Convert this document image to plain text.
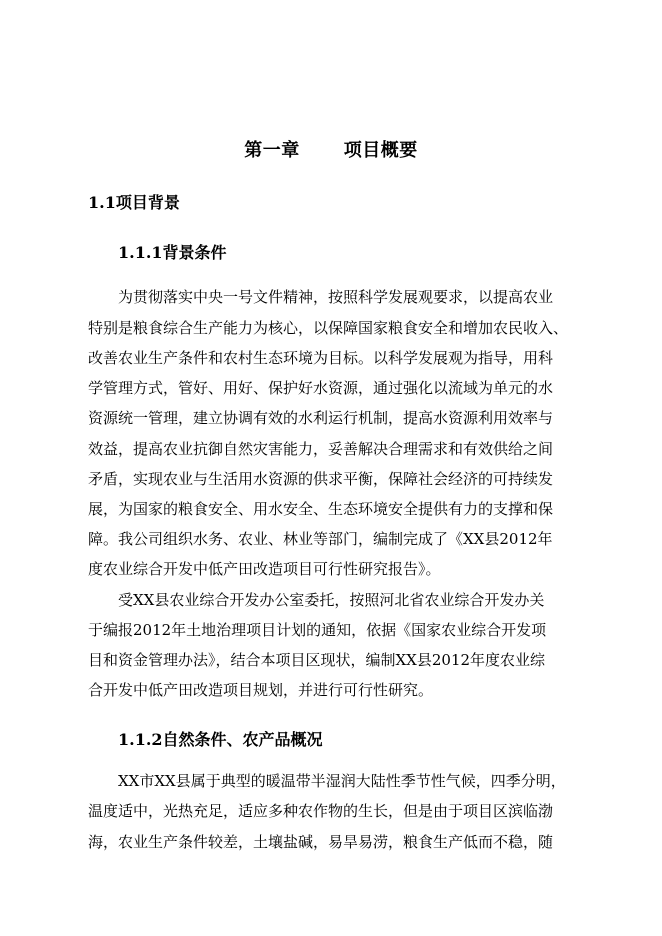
第一章 项目概要
1.1项目背景
1.1.1背景条件
为贯彻落实中央一号文件精神，按照科学发展观要求，以提高农业
特别是粮食综合生产能力为核心，以保障国家粮食安全和增加农民收入、
改善农业生产条件和农村生态环境为目标。以科学发展观为指导，用科
学管理方式，管好、用好、保护好水资源，通过强化以流域为单元的水
资源统一管理，建立协调有效的水利运行机制，提高水资源利用效率与
效益，提高农业抗御自然灾害能力，妥善解决合理需求和有效供给之间
矛盾，实现农业与生活用水资源的供求平衡，保障社会经济的可持续发
展，为国家的粮食安全、用水安全、生态环境安全提供有力的支撑和保
障。我公司组织水务、农业、林业等部门，编制完成了《XX县2012年
度农业综合开发中低产田改造项目可行性研究报告》。
受XX县农业综合开发办公室委托，按照河北省农业综合开发办关
于编报2012年土地治理项目计划的通知，依据《国家农业综合开发项
目和资金管理办法》，结合本项目区现状，编制XX县2012年度农业综
合开发中低产田改造项目规划，并进行可行性研究。
1.1.2自然条件、农产品概况
XX市XX县属于典型的暖温带半湿润大陆性季节性气候，四季分明，
温度适中，光热充足，适应多种农作物的生长，但是由于项目区滨临渤
海，农业生产条件较差，土壤盐碱，易旱易涝，粮食生产低而不稳，随
